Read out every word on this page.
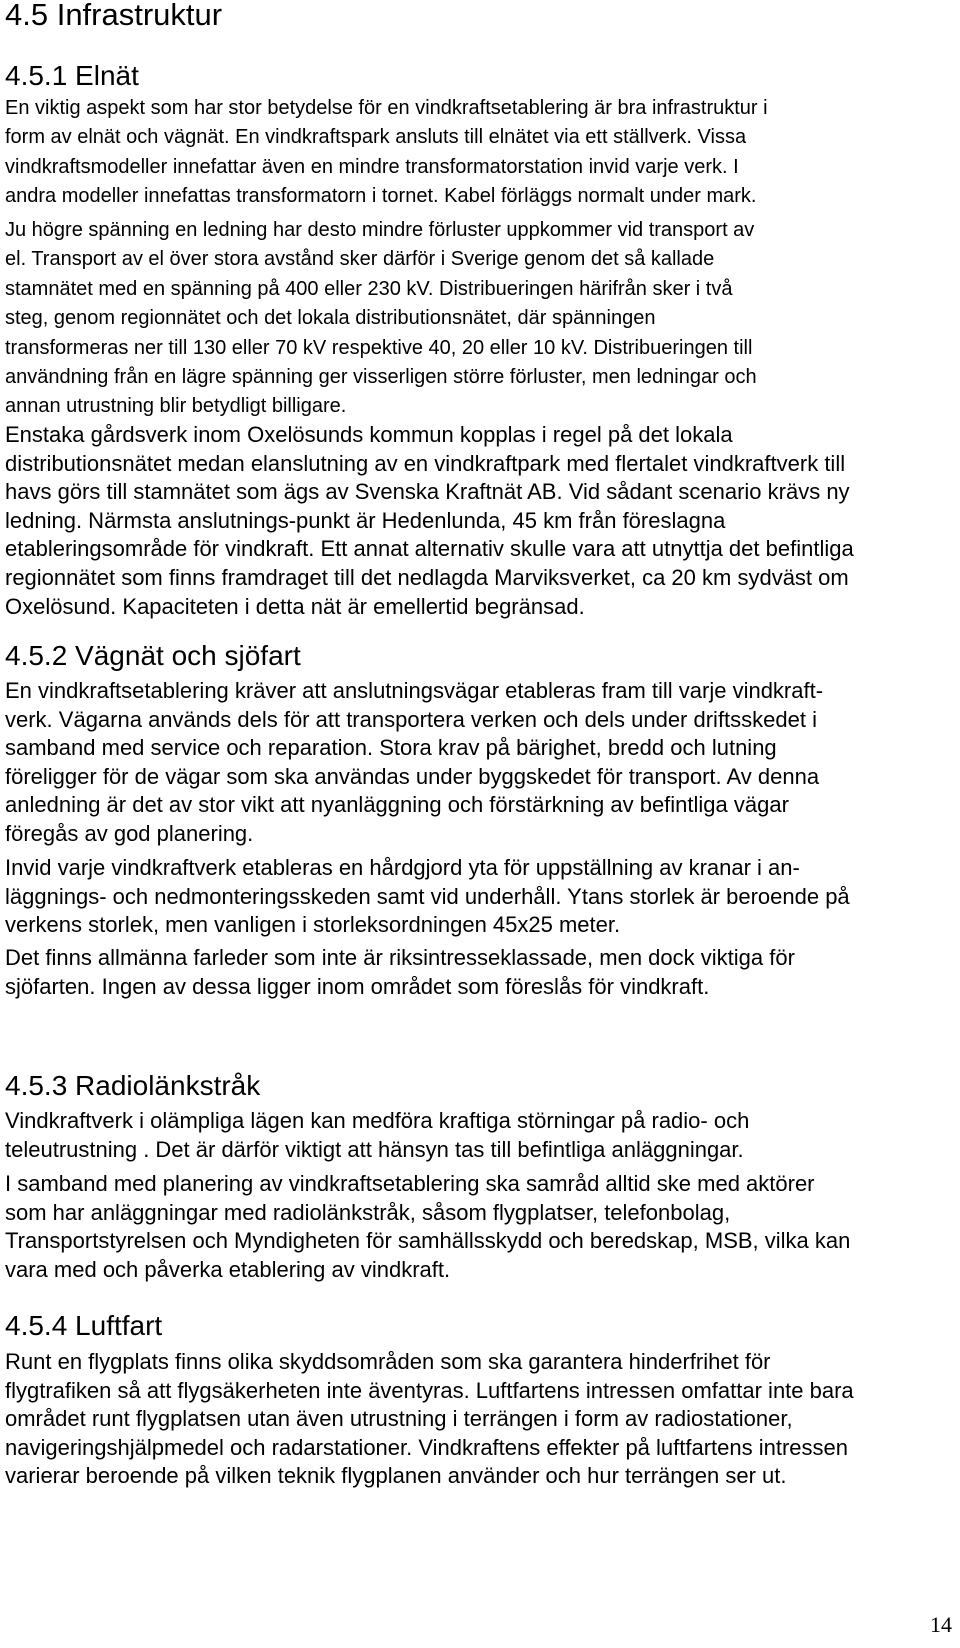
4.5 Infrastruktur
4.5.1 Elnät

En viktig aspekt som har stor betydelse för en vindkraftsetablering är bra infrastruktur i
form av elnät och vägnät. En vindkraftspark ansluts till elnätet via ett ställverk. Vissa
vindkraftsmodeller innefattar även en mindre transformatorstation invid varje verk. I
andra modeller innefattas transformatorn i tornet. Kabel förläggs normalt under mark.

Ju högre spänning en ledning har desto mindre förluster uppkommer vid transport av
el. Transport av el över stora avstånd sker därför i Sverige genom det så kallade
stamnätet med en spänning på 400 eller 230 kV. Distribueringen härifrån sker i två
steg, genom regionnätet och det lokala distributionsnätet, där spänningen
transformeras ner till 130 eller 70 kV respektive 40, 20 eller 10 kV. Distribueringen till
användning från en lägre spänning ger visserligen större förluster, men ledningar och
annan utrustning blir betydligt billigare.

Enstaka gårdsverk inom Oxelösunds kommun kopplas i regel på det lokala
distributionsnätet medan elanslutning av en vindkraftpark med flertalet vindkraftverk till
havs görs till stamnätet som ägs av Svenska Kraftnät AB. Vid sådant scenario krävs ny
ledning. Närmsta anslutnings-punkt är Hedenlunda, 45 km från föreslagna
etableringsområde för vindkraft. Ett annat alternativ skulle vara att utnyttja det befintliga
regionnätet som finns framdraget till det nedlagda Marviksverket, ca 20 km sydväst om
Oxelösund. Kapaciteten i detta nät är emellertid begränsad.

4.5.2 Vägnät och sjöfart

En vindkraftsetablering kräver att anslutningsvägar etableras fram till varje vindkraft-
verk. Vägarna används dels för att transportera verken och dels under driftsskedet i
samband med service och reparation. Stora krav på bärighet, bredd och lutning
föreligger för de vägar som ska användas under byggskedet för transport. Av denna
anledning är det av stor vikt att nyanläggning och förstärkning av befintliga vägar
föregås av god planering.

Invid varje vindkraftverk etableras en hårdgjord yta för uppställning av kranar i an-
läggnings- och nedmonteringsskeden samt vid underhåll. Ytans storlek är beroende på
verkens storlek, men vanligen i storleksordningen 45x25 meter.

Det finns allmänna farleder som inte är riksintresseklassade, men dock viktiga för
sjöfarten. Ingen av dessa ligger inom området som föreslås för vindkraft.

4.5.3 Radiolänkstråk

Vindkraftverk i olämpliga lägen kan medföra kraftiga störningar på radio- och
teleutrustning . Det är därför viktigt att hänsyn tas till befintliga anläggningar.

I samband med planering av vindkraftsetablering ska samråd alltid ske med aktörer
som har anläggningar med radiolänkstråk, såsom flygplatser, telefonbolag,
Transportstyrelsen och Myndigheten för samhällsskydd och beredskap, MSB, vilka kan
vara med och påverka etablering av vindkraft.

4.5.4 Luftfart

Runt en flygplats finns olika skyddsområden som ska garantera hinderfrihet för
flygtrafiken så att flygsäkerheten inte äventyras. Luftfartens intressen omfattar inte bara
området runt flygplatsen utan även utrustning i terrängen i form av radiostationer,
navigeringshjälpmedel och radarstationer. Vindkraftens effekter på luftfartens intressen
varierar beroende på vilken teknik flygplanen använder och hur terrängen ser ut.

14
